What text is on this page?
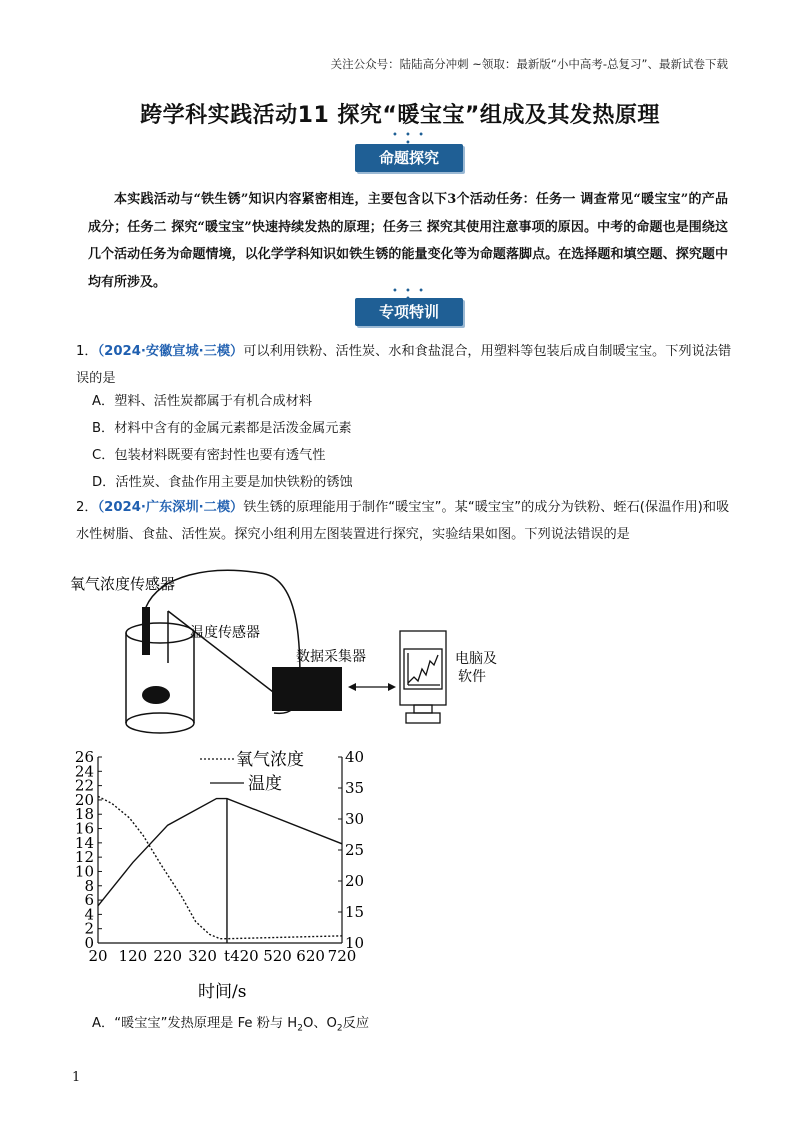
关注公众号：陆陆高分冲刺 ~领取：最新版“小中高考-总复习”、最新试卷下载
跨学科实践活动11 探究“暖宝宝”组成及其发热原理
• • •
命题探究
本实践活动与“铁生锈”知识内容紧密相连，主要包含以下3个活动任务：任务一 调查常见“暖宝宝”的产品成分；任务二 探究“暖宝宝”快速持续发热的原理；任务三 探究其使用注意事项的原因。中考的命题也是围绕这几个活动任务为命题情境，以化学学科知识如铁生锈的能量变化等为命题落脚点。在选择题和填空题、探究题中均有所涉及。
• • •
专项特训
1．（2024·安徽宣城·三模）可以利用铁粉、活性炭、水和食盐混合，用塑料等包装后成自制暖宝宝。下列说法错误的是
A．塑料、活性炭都属于有机合成材料
B．材料中含有的金属元素都是活泼金属元素
C．包装材料既要有密封性也要有透气性
D．活性炭、食盐作用主要是加快铁粉的锈蚀
2．（2024·广东深圳·二模）铁生锈的原理能用于制作“暖宝宝”。某“暖宝宝”的成分为铁粉、蛭石(保温作用)和吸水性树脂、食盐、活性炭。探究小组利用左图装置进行探究，实验结果如图。下列说法错误的是
氧气浓度传感器
温度传感器
数据采集器	电脑及
软件
氧气浓度
温度
时间/s
0
2
4
6
8
10
12
14
16
18
20
22
24
26
10
15
20
25
30
35
40
20 120 220 320 t 420 520 620 720
A．“暖宝宝”发热原理是 Fe 粉与 $H_2O$、$O_2$反应
1
